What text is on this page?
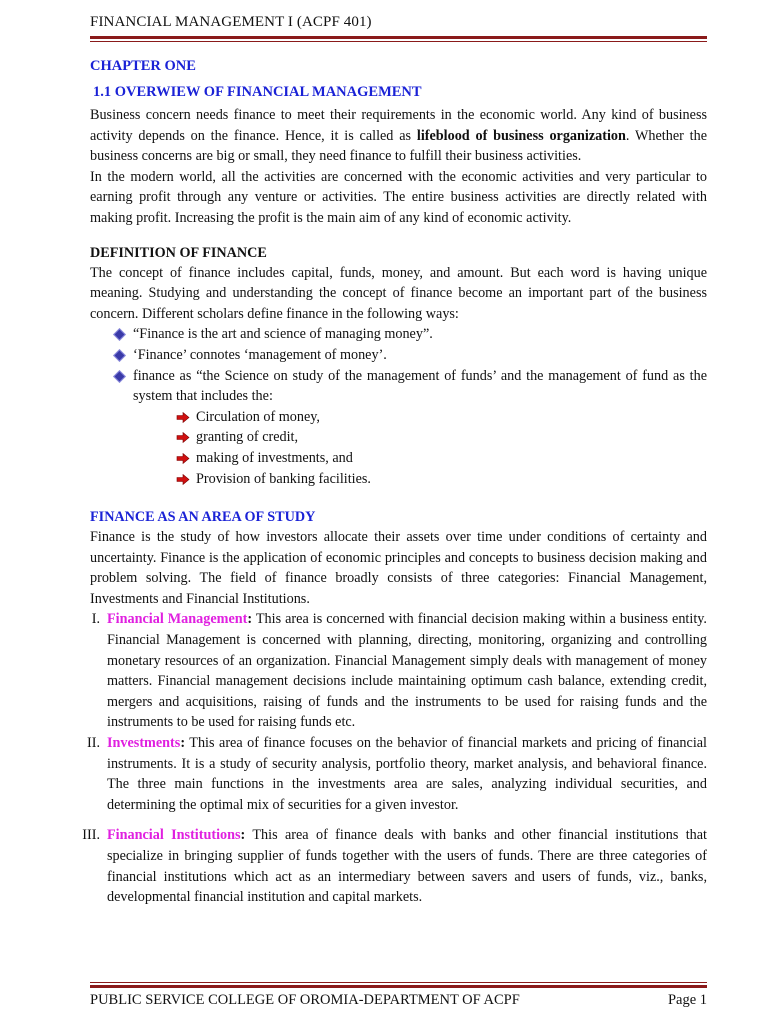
FINANCIAL MANAGEMENT I (ACPF 401)
CHAPTER ONE
1.1 OVERWIEW OF FINANCIAL MANAGEMENT

Business concern needs finance to meet their requirements in the economic world. Any kind of business activity depends on the finance. Hence, it is called as lifeblood of business organization. Whether the business concerns are big or small, they need finance to fulfill their business activities.

In the modern world, all the activities are concerned with the economic activities and very particular to earning profit through any venture or activities. The entire business activities are directly related with making profit. Increasing the profit is the main aim of any kind of economic activity.

DEFINITION OF FINANCE

The concept of finance includes capital, funds, money, and amount. But each word is having unique meaning. Studying and understanding the concept of finance become an important part of the business concern. Different scholars define finance in the following ways:

“Finance is the art and science of managing money”.
‘Finance’ connotes ‘management of money’.
finance as “the Science on study of the management of funds’ and the management of fund as the system that includes the:
Circulation of money,
granting of credit,
making of investments, and
Provision of banking facilities.
FINANCE AS AN AREA OF STUDY

Finance is the study of how investors allocate their assets over time under conditions of certainty and uncertainty. Finance is the application of economic principles and concepts to business decision making and problem solving. The field of finance broadly consists of three categories: Financial Management, Investments and Financial Institutions.

I. Financial Management: This area is concerned with financial decision making within a business entity. Financial Management is concerned with planning, directing, monitoring, organizing and controlling monetary resources of an organization. Financial Management simply deals with management of money matters. Financial management decisions include maintaining optimum cash balance, extending credit, mergers and acquisitions, raising of funds and the instruments to be used for raising funds and the instruments to be used for raising funds etc.
II. Investments: This area of finance focuses on the behavior of financial markets and pricing of financial instruments. It is a study of security analysis, portfolio theory, market analysis, and behavioral finance. The three main functions in the investments area are sales, analyzing individual securities, and determining the optimal mix of securities for a given investor.
III. Financial Institutions: This area of finance deals with banks and other financial institutions that specialize in bringing supplier of funds together with the users of funds. There are three categories of financial institutions which act as an intermediary between savers and users of funds, viz., banks, developmental financial institution and capital markets.
PUBLIC SERVICE COLLEGE OF OROMIA-DEPARTMENT OF ACPF	Page 1
